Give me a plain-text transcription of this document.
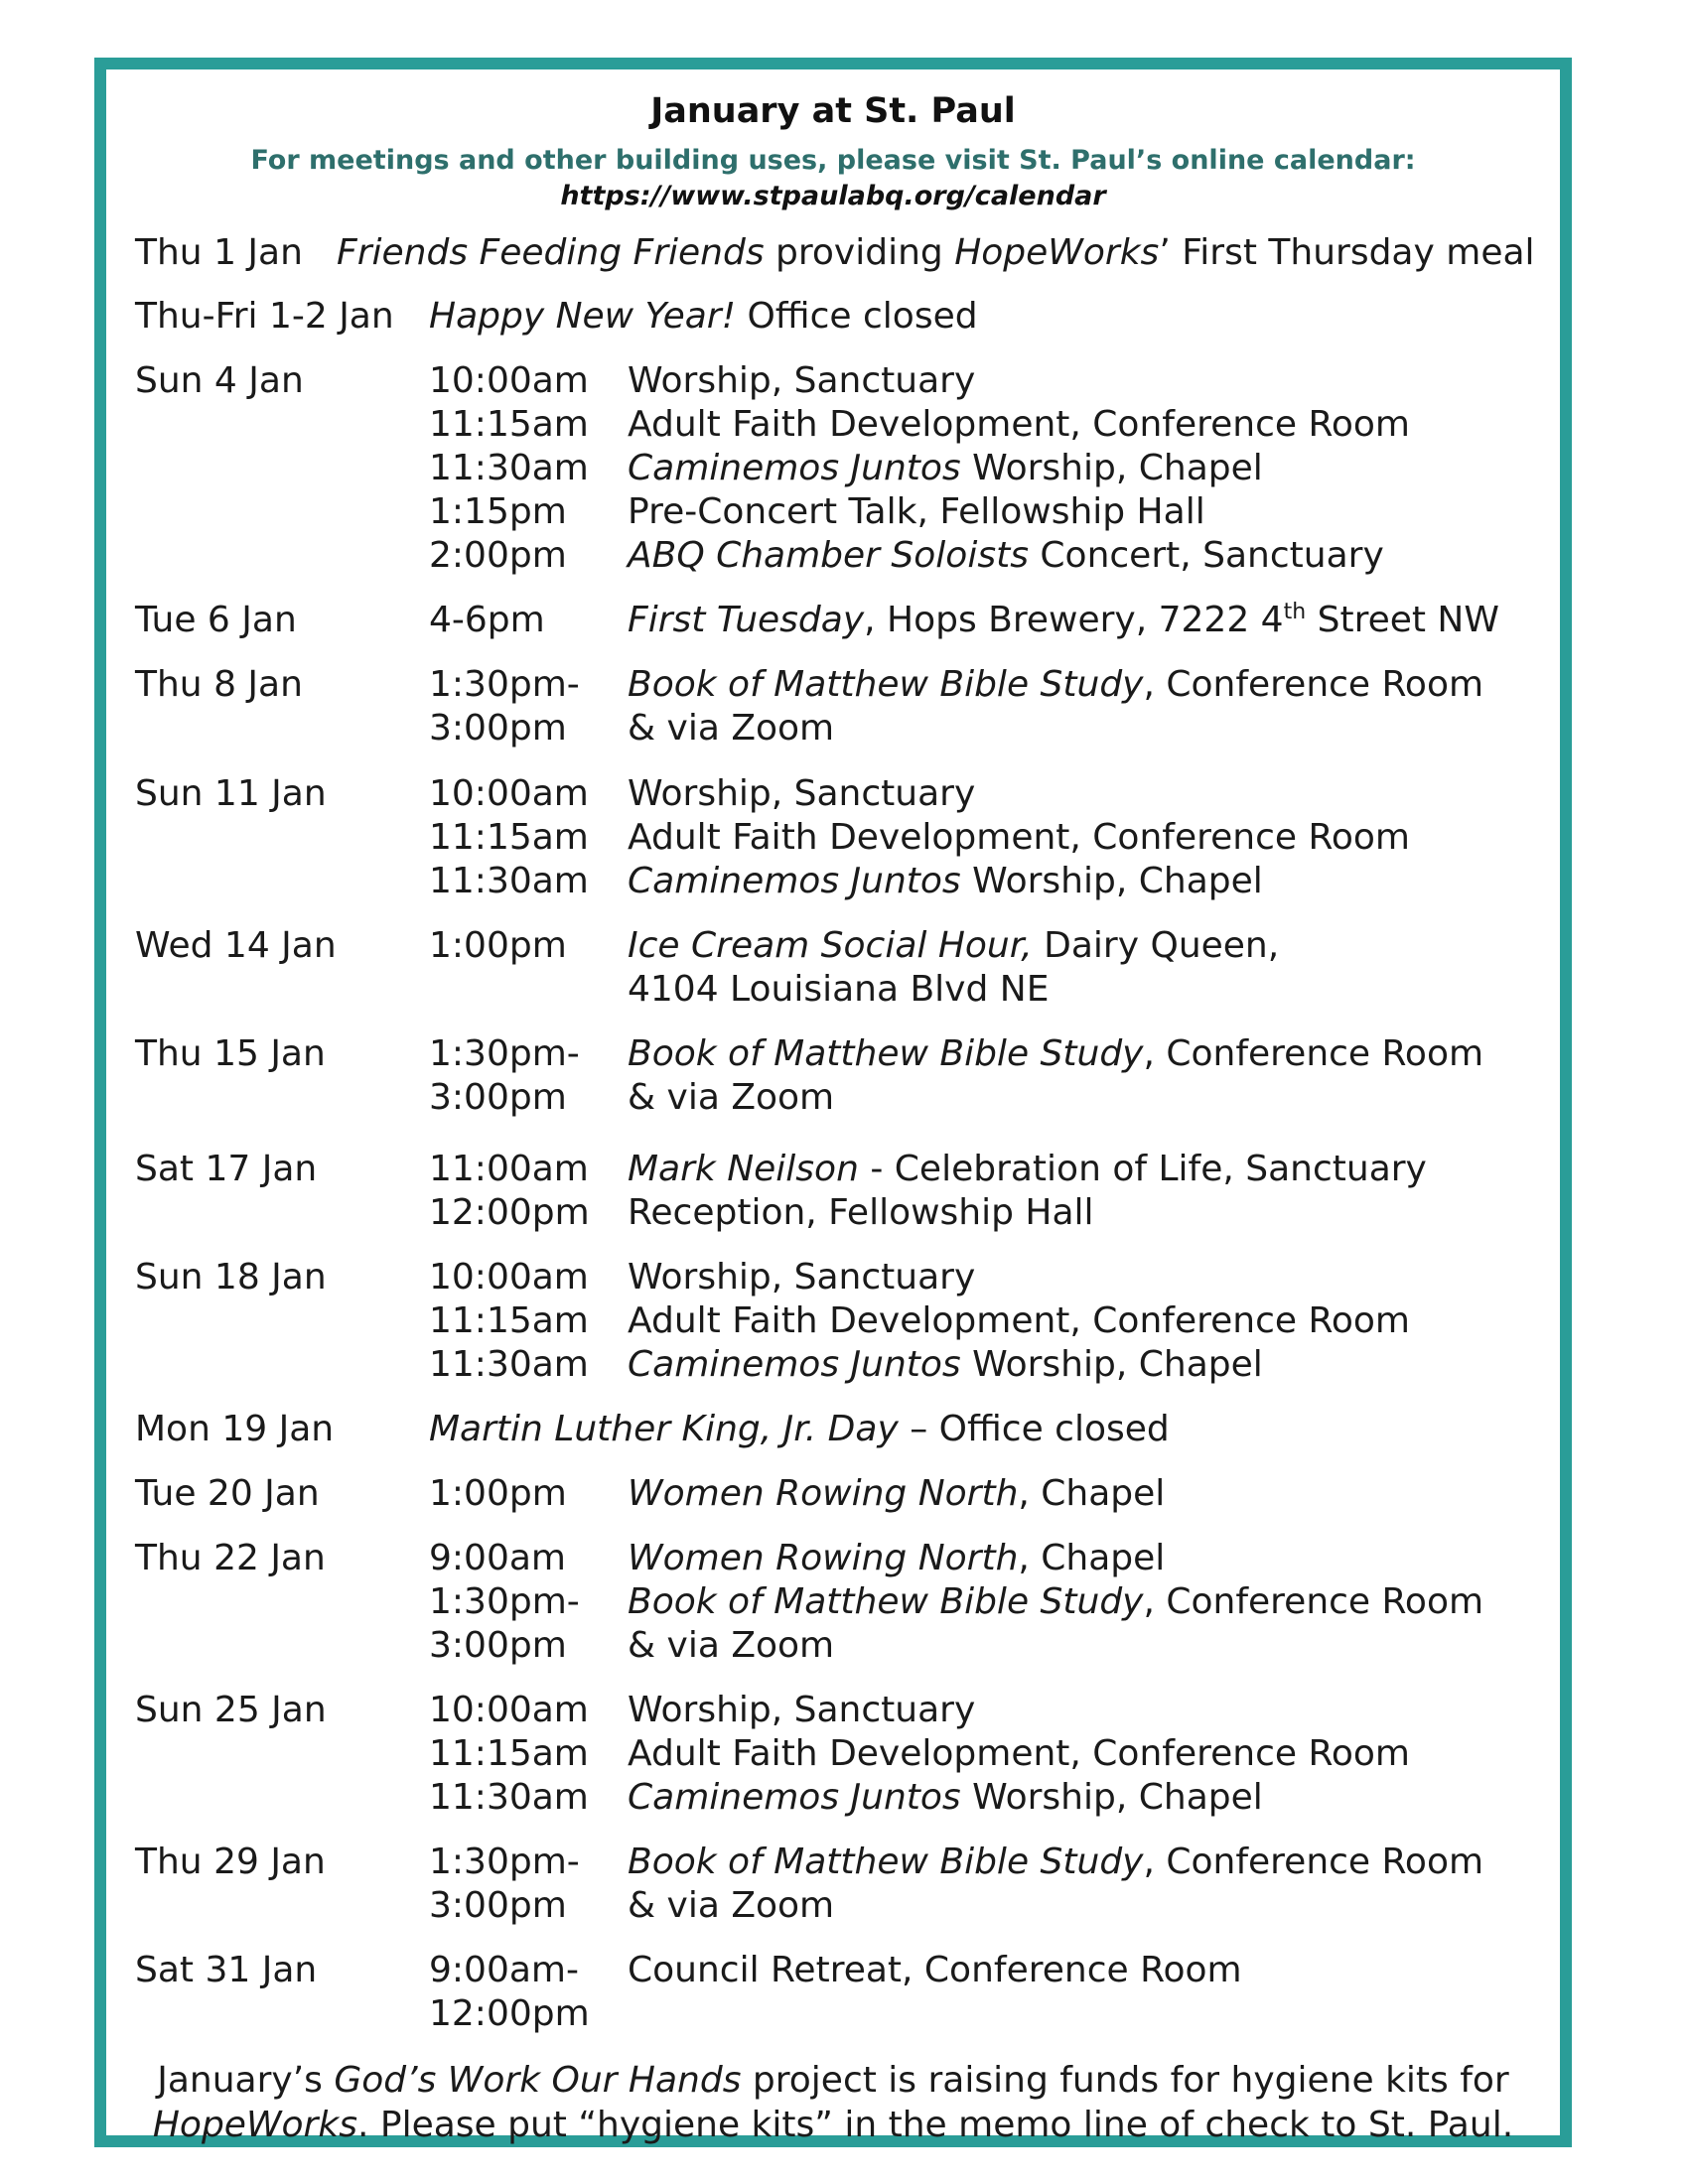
January at St. Paul
For meetings and other building uses, please visit St. Paul’s online calendar:
https://www.stpaulabq.org/calendar
Thu 1 Jan Friends Feeding Friends providing HopeWorks’ First Thursday meal
Thu-Fri 1-2 Jan Happy New Year! Office closed
Sun 4 Jan	10:00am Worship, Sanctuary
11:15am Adult Faith Development, Conference Room
11:30am Caminemos Juntos Worship, Chapel
1:15pm Pre-Concert Talk, Fellowship Hall
2:00pm ABQ Chamber Soloists Concert, Sanctuary
Tue 6 Jan	4-6pm First Tuesday, Hops Brewery, 7222 4th Street NW
Thu 8 Jan	1:30pm- Book of Matthew Bible Study, Conference Room
3:00pm & via Zoom
Sun 11 Jan	10:00am Worship, Sanctuary
11:15am Adult Faith Development, Conference Room
11:30am Caminemos Juntos Worship, Chapel
Wed 14 Jan	1:00pm Ice Cream Social Hour, Dairy Queen,
4104 Louisiana Blvd NE
Thu 15 Jan	1:30pm- Book of Matthew Bible Study, Conference Room
3:00pm & via Zoom
Sat 17 Jan	11:00am Mark Neilson - Celebration of Life, Sanctuary
12:00pm Reception, Fellowship Hall
Sun 18 Jan	10:00am Worship, Sanctuary
11:15am Adult Faith Development, Conference Room
11:30am Caminemos Juntos Worship, Chapel
Mon 19 Jan	Martin Luther King, Jr. Day – Office closed
Tue 20 Jan	1:00pm Women Rowing North, Chapel
Thu 22 Jan	9:00am Women Rowing North, Chapel
1:30pm- Book of Matthew Bible Study, Conference Room
3:00pm & via Zoom
Sun 25 Jan	10:00am Worship, Sanctuary
11:15am Adult Faith Development, Conference Room
11:30am Caminemos Juntos Worship, Chapel
Thu 29 Jan	1:30pm- Book of Matthew Bible Study, Conference Room
3:00pm & via Zoom
Sat 31 Jan	9:00am- Council Retreat, Conference Room
12:00pm
January’s God’s Work Our Hands project is raising funds for hygiene kits for
HopeWorks. Please put “hygiene kits” in the memo line of check to St. Paul.
